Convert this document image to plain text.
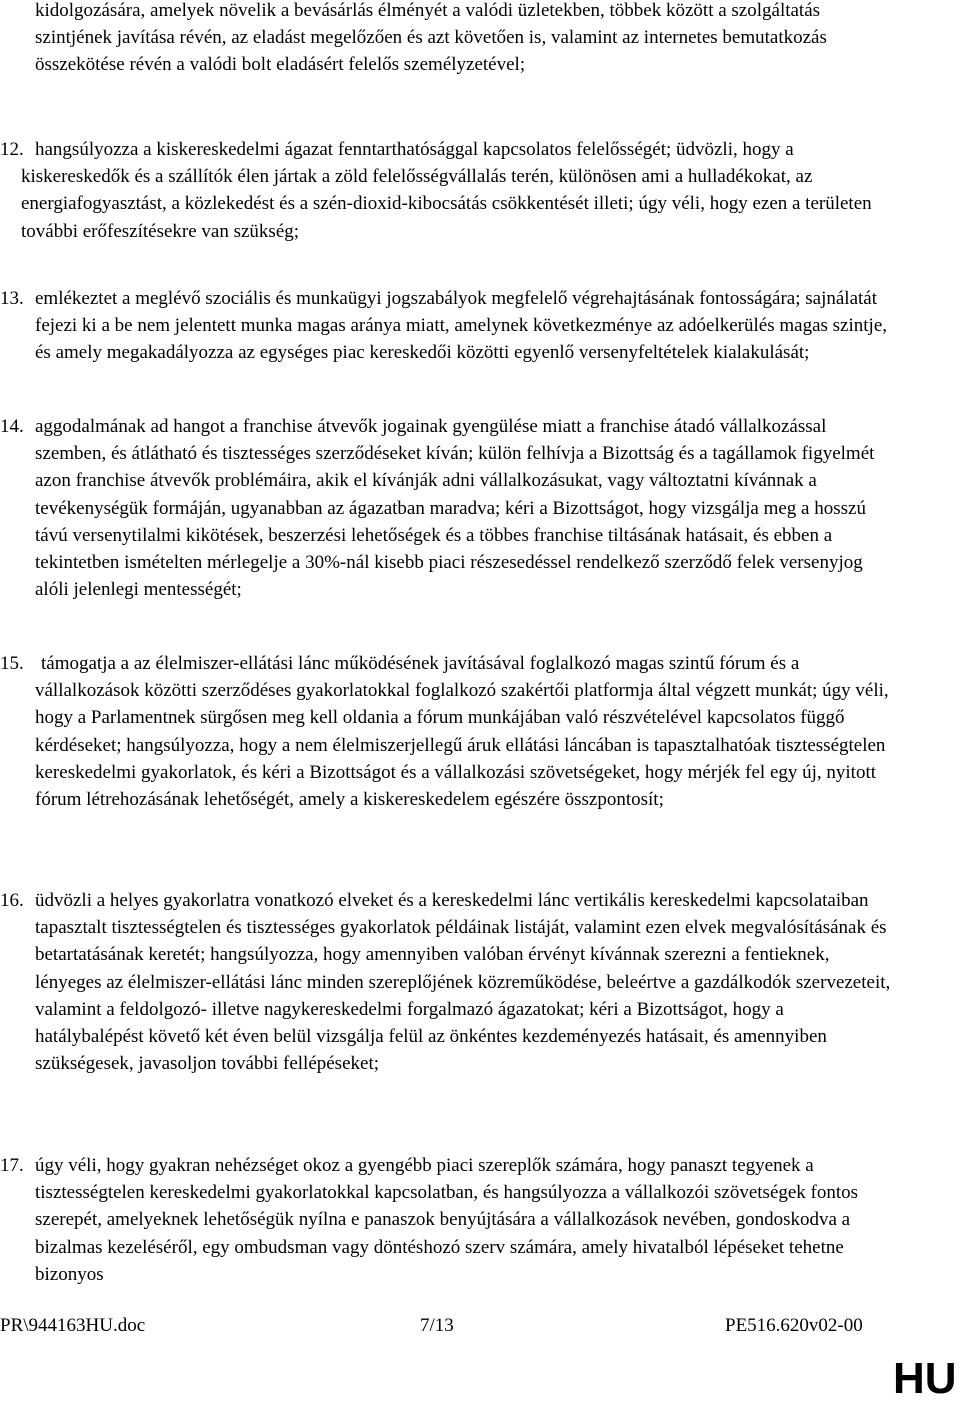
kidolgozására, amelyek növelik a bevásárlás élményét a valódi üzletekben, többek között a szolgáltatás szintjének javítása révén, az eladást megelőzően és azt követően is, valamint az internetes bemutatkozás összekötése révén a valódi bolt eladásért felelős személyzetével;

12. hangsúlyozza a kiskereskedelmi ágazat fenntarthatósággal kapcsolatos felelősségét; üdvözli, hogy a kiskereskedők és a szállítók élen jártak a zöld felelősségvállalás terén, különösen ami a hulladékokat, az energiafogyasztást, a közlekedést és a szén-dioxid-kibocsátás csökkentését illeti; úgy véli, hogy ezen a területen további erőfeszítésekre van szükség;
13. emlékeztet a meglévő szociális és munkaügyi jogszabályok megfelelő végrehajtásának fontosságára; sajnálatát fejezi ki a be nem jelentett munka magas aránya miatt, amelynek következménye az adóelkerülés magas szintje, és amely megakadályozza az egységes piac kereskedői közötti egyenlő versenyfeltételek kialakulását;
14. aggodalmának ad hangot a franchise átvevők jogainak gyengülése miatt a franchise átadó vállalkozással szemben, és átlátható és tisztességes szerződéseket kíván; külön felhívja a Bizottság és a tagállamok figyelmét azon franchise átvevők problémáira, akik el kívánják adni vállalkozásukat, vagy változtatni kívánnak a tevékenységük formáján, ugyanabban az ágazatban maradva; kéri a Bizottságot, hogy vizsgálja meg a hosszú távú versenytilalmi kikötések, beszerzési lehetőségek és a többes franchise tiltásának hatásait, és ebben a tekintetben ismételten mérlegelje a 30%-nál kisebb piaci részesedéssel rendelkező szerződő felek versenyjog alóli jelenlegi mentességét;
15. támogatja a az élelmiszer-ellátási lánc működésének javításával foglalkozó magas szintű fórum és a vállalkozások közötti szerződéses gyakorlatokkal foglalkozó szakértői platformja által végzett munkát; úgy véli, hogy a Parlamentnek sürgősen meg kell oldania a fórum munkájában való részvételével kapcsolatos függő kérdéseket; hangsúlyozza, hogy a nem élelmiszerjellegű áruk ellátási láncában is tapasztalhatóak tisztességtelen kereskedelmi gyakorlatok, és kéri a Bizottságot és a vállalkozási szövetségeket, hogy mérjék fel egy új, nyitott fórum létrehozásának lehetőségét, amely a kiskereskedelem egészére összpontosít;
16. üdvözli a helyes gyakorlatra vonatkozó elveket és a kereskedelmi lánc vertikális kereskedelmi kapcsolataiban tapasztalt tisztességtelen és tisztességes gyakorlatok példáinak listáját, valamint ezen elvek megvalósításának és betartatásának keretét; hangsúlyozza, hogy amennyiben valóban érvényt kívánnak szerezni a fentieknek, lényeges az élelmiszer-ellátási lánc minden szereplőjének közreműködése, beleértve a gazdálkodók szervezeteit, valamint a feldolgozó- illetve nagykereskedelmi forgalmazó ágazatokat; kéri a Bizottságot, hogy a hatálybalépést követő két éven belül vizsgálja felül az önkéntes kezdeményezés hatásait, és amennyiben szükségesek, javasoljon további fellépéseket;
17. úgy véli, hogy gyakran nehézséget okoz a gyengébb piaci szereplők számára, hogy panaszt tegyenek a tisztességtelen kereskedelmi gyakorlatokkal kapcsolatban, és hangsúlyozza a vállalkozói szövetségek fontos szerepét, amelyeknek lehetőségük nyílna e panaszok benyújtására a vállalkozások nevében, gondoskodva a bizalmas kezeléséről, egy ombudsman vagy döntéshozó szerv számára, amely hivatalból lépéseket tehetne bizonyos
PR\944163HU.doc	7/13	PE516.620v02-00
HU
